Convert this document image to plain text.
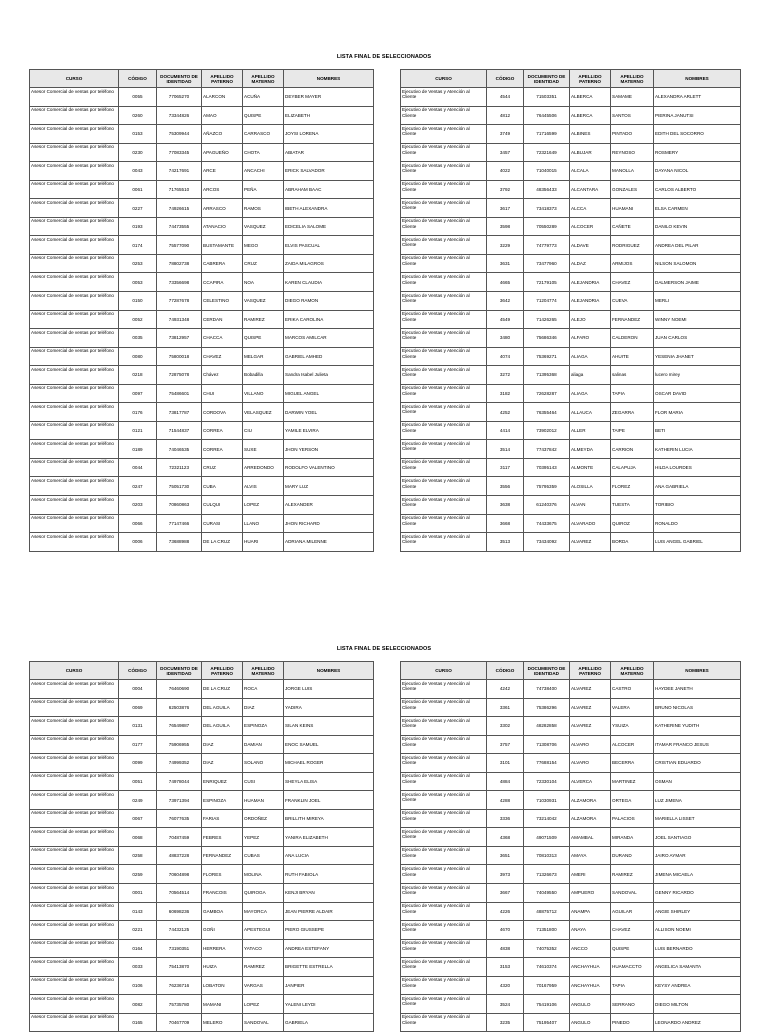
LISTA FINAL DE SELECCIONADOS
CURSO	CÓDIGO	DOCUMENTO DE IDENTIDAD	APELLIDO PATERNO	APELLIDO MATERNO	NOMBRES
Asesor Comercial de ventas por teléfono	0055	77065270	ALARCON	ACUÑA	DEYBER MAYER
Asesor Comercial de ventas por teléfono	0260	73344826	AMAO	QUISPE	ELIZABETH
Asesor Comercial de ventas por teléfono	0153	75309944	AÑAZCO	CARRASCO	JOYSI LORENA
Asesor Comercial de ventas por teléfono	0230	77083345	APAGUEÑO	CHOTA	ABIATAR
Asesor Comercial de ventas por teléfono	0043	74217691	ARCE	ANCACHI	ERICK SALVADOR
Asesor Comercial de ventas por teléfono	0061	71765510	ARCOS	PEÑA	ABRAHAM BAAC
Asesor Comercial de ventas por teléfono	0227	74926615	ARRASCO	RAMOS	IBETH ALEXANDRA
Asesor Comercial de ventas por teléfono	0193	74473555	ATANACIO	VASQUEZ	EDICELIA SALOME
Asesor Comercial de ventas por teléfono	0174	75577090	BUSTAMANTE	MEGO	ELVIS PASCUAL
Asesor Comercial de ventas por teléfono	0253	78802738	CABRERA	CRUZ	ZAIDA MILAGROS
Asesor Comercial de ventas por teléfono	0053	73356698	CCAPIRA	NOA	KAREN CLAUDIA
Asesor Comercial de ventas por teléfono	0150	77287678	CELESTINO	VASQUEZ	DIEGO RAMON
Asesor Comercial de ventas por teléfono	0052	74931348	CERDAN	RAMIREZ	ERIKA CAROLINA
Asesor Comercial de ventas por teléfono	0035	73812957	CHACCA	QUISPE	MARCOS AMILCAR
Asesor Comercial de ventas por teléfono	0080	75800018	CHAVEZ	MELGAR	GABRIEL AMHED
Asesor Comercial de ventas por teléfono	0218	72875078	Chávez	Bobadilla	Sandra Isabel Julieta
Asesor Comercial de ventas por teléfono	0097	75486601	CHUI	VILLANO	MIGUEL ANGEL
Asesor Comercial de ventas por teléfono	0176	73817787	CORDOVA	VELASQUEZ	DARWIN YOEL
Asesor Comercial de ventas por teléfono	0121	71544837	CORREA	CIU	YAMILE ELVIRA
Asesor Comercial de ventas por teléfono	0189	74046535	CORREA	SUXE	JHON YERSON
Asesor Comercial de ventas por teléfono	0044	72321123	CRUZ	ARREDONDO	RODOLFO VALENTINO
Asesor Comercial de ventas por teléfono	0247	75051730	CUBA	ALVIS	MARY LUZ
Asesor Comercial de ventas por teléfono	0203	70860863	CULQUI	LOPEZ	ALEXANDER
Asesor Comercial de ventas por teléfono	0066	77147466	CURASI	LLANO	JHON RICHARD
Asesor Comercial de ventas por teléfono	0006	73688988	DE LA CRUZ	HUARI	ADRIANA MILENNE
CURSO	CÓDIGO	DOCUMENTO DE IDENTIDAD	APELLIDO PATERNO	APELLIDO MATERNO	NOMBRES
Ejecutivo de Ventas y Atención al Cliente	4544	71503351	ALBERCA	SAMAME	ALEXANDRA ARLETT
Ejecutivo de Ventas y Atención al Cliente	4812	76445506	ALBERCA	SANTOS	PIERINA JANUTSI
Ejecutivo de Ventas y Atención al Cliente	3749	71716599	ALBINES	PINTADO	EDITH DEL SOCORRO
Ejecutivo de Ventas y Atención al Cliente	3457	72321649	ALBUJAR	REYNOSO	ROSMERY
Ejecutivo de Ventas y Atención al Cliente	4022	71040015	ALCALA	MANOLLA	DAYANA NICOL
Ejecutivo de Ventas y Atención al Cliente	3792	48356433	ALCANTARA	GONZALES	CARLOS ALBERTO
Ejecutivo de Ventas y Atención al Cliente	3617	73418373	ALCCA	HUAMANI	ELSA CARMEN
Ejecutivo de Ventas y Atención al Cliente	3598	70550289	ALCOCER	CAÑETE	DANILO KEVIN
Ejecutivo de Ventas y Atención al Cliente	3229	74779773	ALDAVE	RODRIGUEZ	ANDREA DEL PILAR
Ejecutivo de Ventas y Atención al Cliente	3631	73477960	ALDAZ	ARMIJOS	NILSON SALOMON
Ejecutivo de Ventas y Atención al Cliente	4665	72179105	ALEJANDRIA	CHAVEZ	DALMERSON JAIME
Ejecutivo de Ventas y Atención al Cliente	3642	71204774	ALEJANDRIA	CUEVA	MERLI
Ejecutivo de Ventas y Atención al Cliente	4549	71426265	ALEJO	FERNANDEZ	WINNY NOEMI
Ejecutivo de Ventas y Atención al Cliente	3480	75686346	ALFARO	CALDERON	JUAN CARLOS
Ejecutivo de Ventas y Atención al Cliente	4074	75369271	ALIAGA	AHUITE	YESENIA JHANET
Ejecutivo de Ventas y Atención al Cliente	3272	71395368	aliaga	salinas	lucero mirey
Ejecutivo de Ventas y Atención al Cliente	3182	72628287	ALIAGA	TAPIA	OSCAR DAVID
Ejecutivo de Ventas y Atención al Cliente	4252	76355464	ALLAUCA	ZEGARRA	FLOR MARIA
Ejecutivo de Ventas y Atención al Cliente	4414	73902012	ALLER	TAIPE	BETI
Ejecutivo de Ventas y Atención al Cliente	3514	77437842	ALMEYDA	CARRION	KATHERIN LUCIA
Ejecutivo de Ventas y Atención al Cliente	3117	70395143	ALMONTE	CALAPUJA	HILDA LOURDES
Ejecutivo de Ventas y Atención al Cliente	3556	75795359	ALOSILLA	FLOREZ	ANA GABRIELA
Ejecutivo de Ventas y Atención al Cliente	3638	61240376	ALVAN	TUESTA	TORIBIO
Ejecutivo de Ventas y Atención al Cliente	3668	74433675	ALVARADO	QUIROZ	RONALDO
Ejecutivo de Ventas y Atención al Cliente	3513	73434092	ALVAREZ	BORDA	LUIS ANGEL GABRIEL
LISTA FINAL DE SELECCIONADOS
CURSO	CÓDIGO	DOCUMENTO DE IDENTIDAD	APELLIDO PATERNO	APELLIDO MATERNO	NOMBRES
Asesor Comercial de ventas por teléfono	0004	76460690	DE LA CRUZ	ROCA	JORGE LUIS
Asesor Comercial de ventas por teléfono	0069	62503876	DEL AGUILA	DIAZ	YADIRA
Asesor Comercial de ventas por teléfono	0131	76549887	DEL AGUILA	ESPINOZA	SILAN KEINS
Asesor Comercial de ventas por teléfono	0177	75906955	DIAZ	DAMIAN	ENOC SAMUEL
Asesor Comercial de ventas por teléfono	0099	74999352	DIAZ	SOLANO	MICHAEL ROGER
Asesor Comercial de ventas por teléfono	0051	74978044	ENRIQUEZ	CUSI	SHEYLA ELISA
Asesor Comercial de ventas por teléfono	0249	73971394	ESPINOZA	HUAMAN	FRANKLIN JOEL
Asesor Comercial de ventas por teléfono	0067	76077635	FARIAS	ORDOÑEZ	BRILLITH MIREYA
Asesor Comercial de ventas por teléfono	0068	70487459	FEBRES	YEPEZ	YANIRA ELIZABETH
Asesor Comercial de ventas por teléfono	0258	48837228	FERNANDEZ	CUBAS	ANA LUCIA
Asesor Comercial de ventas por teléfono	0259	70604898	FLORES	MOLINA	RUTH FABIOLA
Asesor Comercial de ventas por teléfono	0001	70564514	FRANCOIS	QUIROGA	KENJI BRYAN
Asesor Comercial de ventas por teléfono	0143	60698236	GAMBOA	MAYORCA	JEAN PIERRE ALDAIR
Asesor Comercial de ventas por teléfono	0221	74432125	GOÑI	APESTEGUI	PIERO GIUSSEPE
Asesor Comercial de ventas por teléfono	0164	73190351	HERRERA	YATACO	ANDREA ESTEFANY
Asesor Comercial de ventas por teléfono	0033	75413870	HUIZA	RAMIREZ	BRIGETTE ESTRELLA
Asesor Comercial de ventas por teléfono	0106	76236716	LOBATON	VARGAS	JANPIER
Asesor Comercial de ventas por teléfono	0082	75735780	MAMANI	LOPEZ	YALENI LEYDI
Asesor Comercial de ventas por teléfono	0165	70467709	MELERO	SANDOVAL	GABRIELA
CURSO	CÓDIGO	DOCUMENTO DE IDENTIDAD	APELLIDO PATERNO	APELLIDO MATERNO	NOMBRES
Ejecutivo de Ventas y Atención al Cliente	4242	74738400	ALVAREZ	CASTRO	HAYDEE JANETH
Ejecutivo de Ventas y Atención al Cliente	3361	75386296	ALVAREZ	VALERA	BRUNO NICOLAS
Ejecutivo de Ventas y Atención al Cliente	3302	48282858	ALVAREZ	YSUIZA	KATHERINE YUDITH
Ejecutivo de Ventas y Atención al Cliente	3757	71308706	ALVARO	ALCOCER	ITAMAR FRANCO JESUS
Ejecutivo de Ventas y Atención al Cliente	3101	77688154	ALVARO	BECERRA	CRISTIAN EDUARDO
Ejecutivo de Ventas y Atención al Cliente	4884	72330104	ALVERCA	MARTINEZ	OSMAN
Ejecutivo de Ventas y Atención al Cliente	4288	71030931	ALZAMORA	ORTEGA	LUZ JIMENA
Ejecutivo de Ventas y Atención al Cliente	3336	73214042	ALZAMORA	PALACIOS	MARIELLA LISSET
Ejecutivo de Ventas y Atención al Cliente	4368	49071509	AMAMBAL	MIRANDA	JOEL SANTIAGO
Ejecutivo de Ventas y Atención al Cliente	3651	70810313	AMAYA	DURAND	JAIRO AYMAR
Ejecutivo de Ventas y Atención al Cliente	3973	71326673	AMERI	RAMIREZ	JIMENA MICAELA
Ejecutivo de Ventas y Atención al Cliente	3667	74049550	AMPUERO	SANDOVAL	GENNY RICARDO
Ejecutivo de Ventas y Atención al Cliente	4226	48875712	ANAMPA	AGUILAR	ANGIE SHIRLEY
Ejecutivo de Ventas y Atención al Cliente	4670	71351800	ANAYA	CHAVEZ	ALLISON NOEMI
Ejecutivo de Ventas y Atención al Cliente	4838	74075352	ANCCO	QUISPE	LUIS BERNARDO
Ejecutivo de Ventas y Atención al Cliente	3153	74610374	ANCHAYHUA	HUAMACCTO	ANGELICA SAMANTA
Ejecutivo de Ventas y Atención al Cliente	4320	70167959	ANCHAYHUA	TAPIA	KEYSY ANDREA
Ejecutivo de Ventas y Atención al Cliente	3524	75419106	ANGULO	SERRANO	DIEGO MILTON
Ejecutivo de Ventas y Atención al Cliente	3235	75195407	ANGULO	PINEDO	LEONARDO ANDREZ
